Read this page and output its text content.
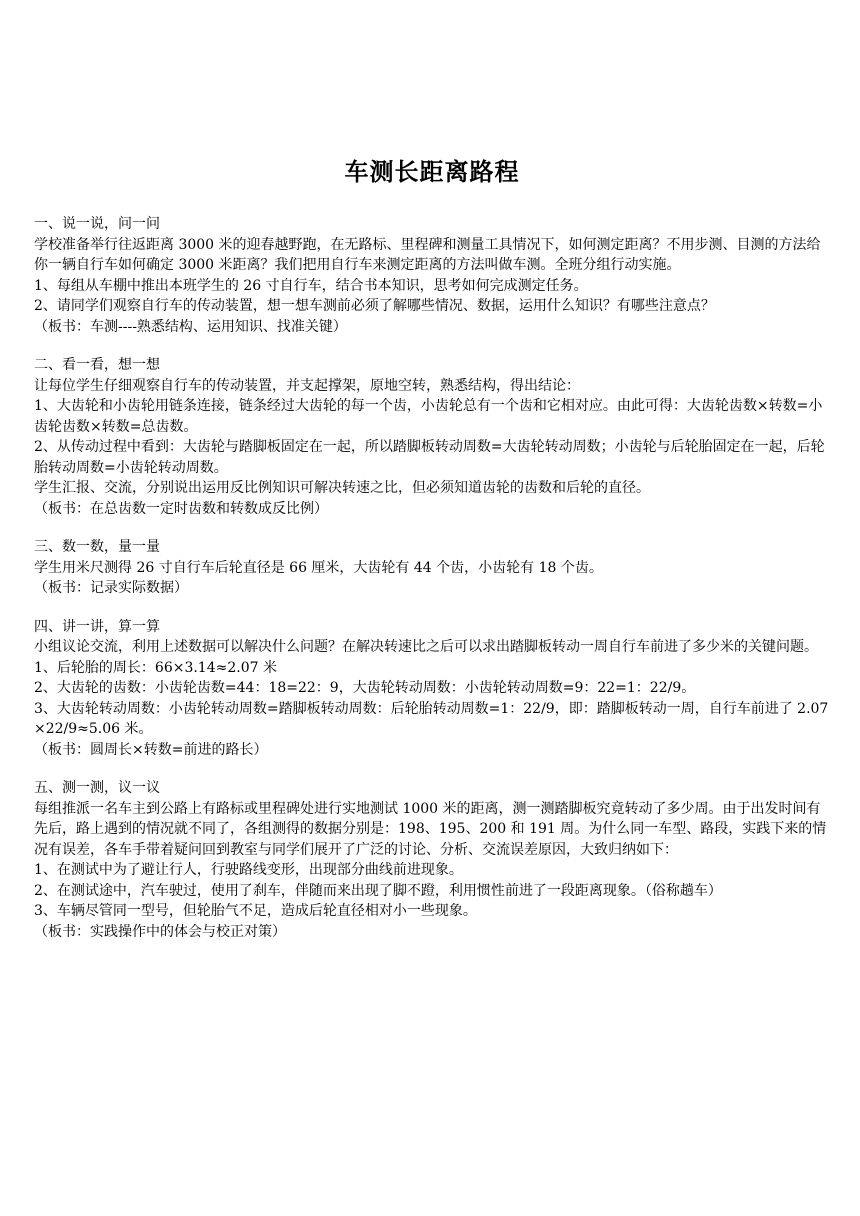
车测长距离路程

一、说一说，问一问

学校准备举行往返距离 3000 米的迎春越野跑，在无路标、里程碑和测量工具情况下，如何测定距离？不用步测、目测的方法给你一辆自行车如何确定 3000 米距离？我们把用自行车来测定距离的方法叫做车测。全班分组行动实施。

1、每组从车棚中推出本班学生的 26 寸自行车，结合书本知识，思考如何完成测定任务。

2、请同学们观察自行车的传动装置，想一想车测前必须了解哪些情况、数据，运用什么知识？有哪些注意点？

（板书：车测----熟悉结构、运用知识、找准关键）

二、看一看，想一想

让每位学生仔细观察自行车的传动装置，并支起撑架，原地空转，熟悉结构，得出结论：

1、大齿轮和小齿轮用链条连接，链条经过大齿轮的每一个齿，小齿轮总有一个齿和它相对应。由此可得：大齿轮齿数×转数=小齿轮齿数×转数=总齿数。

2、从传动过程中看到：大齿轮与踏脚板固定在一起，所以踏脚板转动周数=大齿轮转动周数；小齿轮与后轮胎固定在一起，后轮胎转动周数=小齿轮转动周数。

学生汇报、交流，分别说出运用反比例知识可解决转速之比，但必须知道齿轮的齿数和后轮的直径。

（板书：在总齿数一定时齿数和转数成反比例）

三、数一数，量一量

学生用米尺测得 26 寸自行车后轮直径是 66 厘米，大齿轮有 44 个齿，小齿轮有 18 个齿。

（板书：记录实际数据）

四、讲一讲，算一算

小组议论交流，利用上述数据可以解决什么问题？在解决转速比之后可以求出踏脚板转动一周自行车前进了多少米的关键问题。

1、后轮胎的周长：66×3.14≈2.07 米

2、大齿轮的齿数：小齿轮齿数=44：18=22：9，大齿轮转动周数：小齿轮转动周数=9：22=1：22/9。

3、大齿轮转动周数：小齿轮转动周数=踏脚板转动周数：后轮胎转动周数=1：22/9，即：踏脚板转动一周，自行车前进了 2.07×22/9≈5.06 米。

（板书：圆周长×转数=前进的路长）

五、测一测，议一议

每组推派一名车主到公路上有路标或里程碑处进行实地测试 1000 米的距离，测一测踏脚板究竟转动了多少周。由于出发时间有先后，路上遇到的情况就不同了，各组测得的数据分别是：198、195、200 和 191 周。为什么同一车型、路段，实践下来的情况有误差，各车手带着疑问回到教室与同学们展开了广泛的讨论、分析、交流误差原因，大致归纳如下：

1、在测试中为了避让行人，行驶路线变形，出现部分曲线前进现象。

2、在测试途中，汽车驶过，使用了刹车，伴随而来出现了脚不蹬，利用惯性前进了一段距离现象。（俗称趟车）

3、车辆尽管同一型号，但轮胎气不足，造成后轮直径相对小一些现象。

（板书：实践操作中的体会与校正对策）
